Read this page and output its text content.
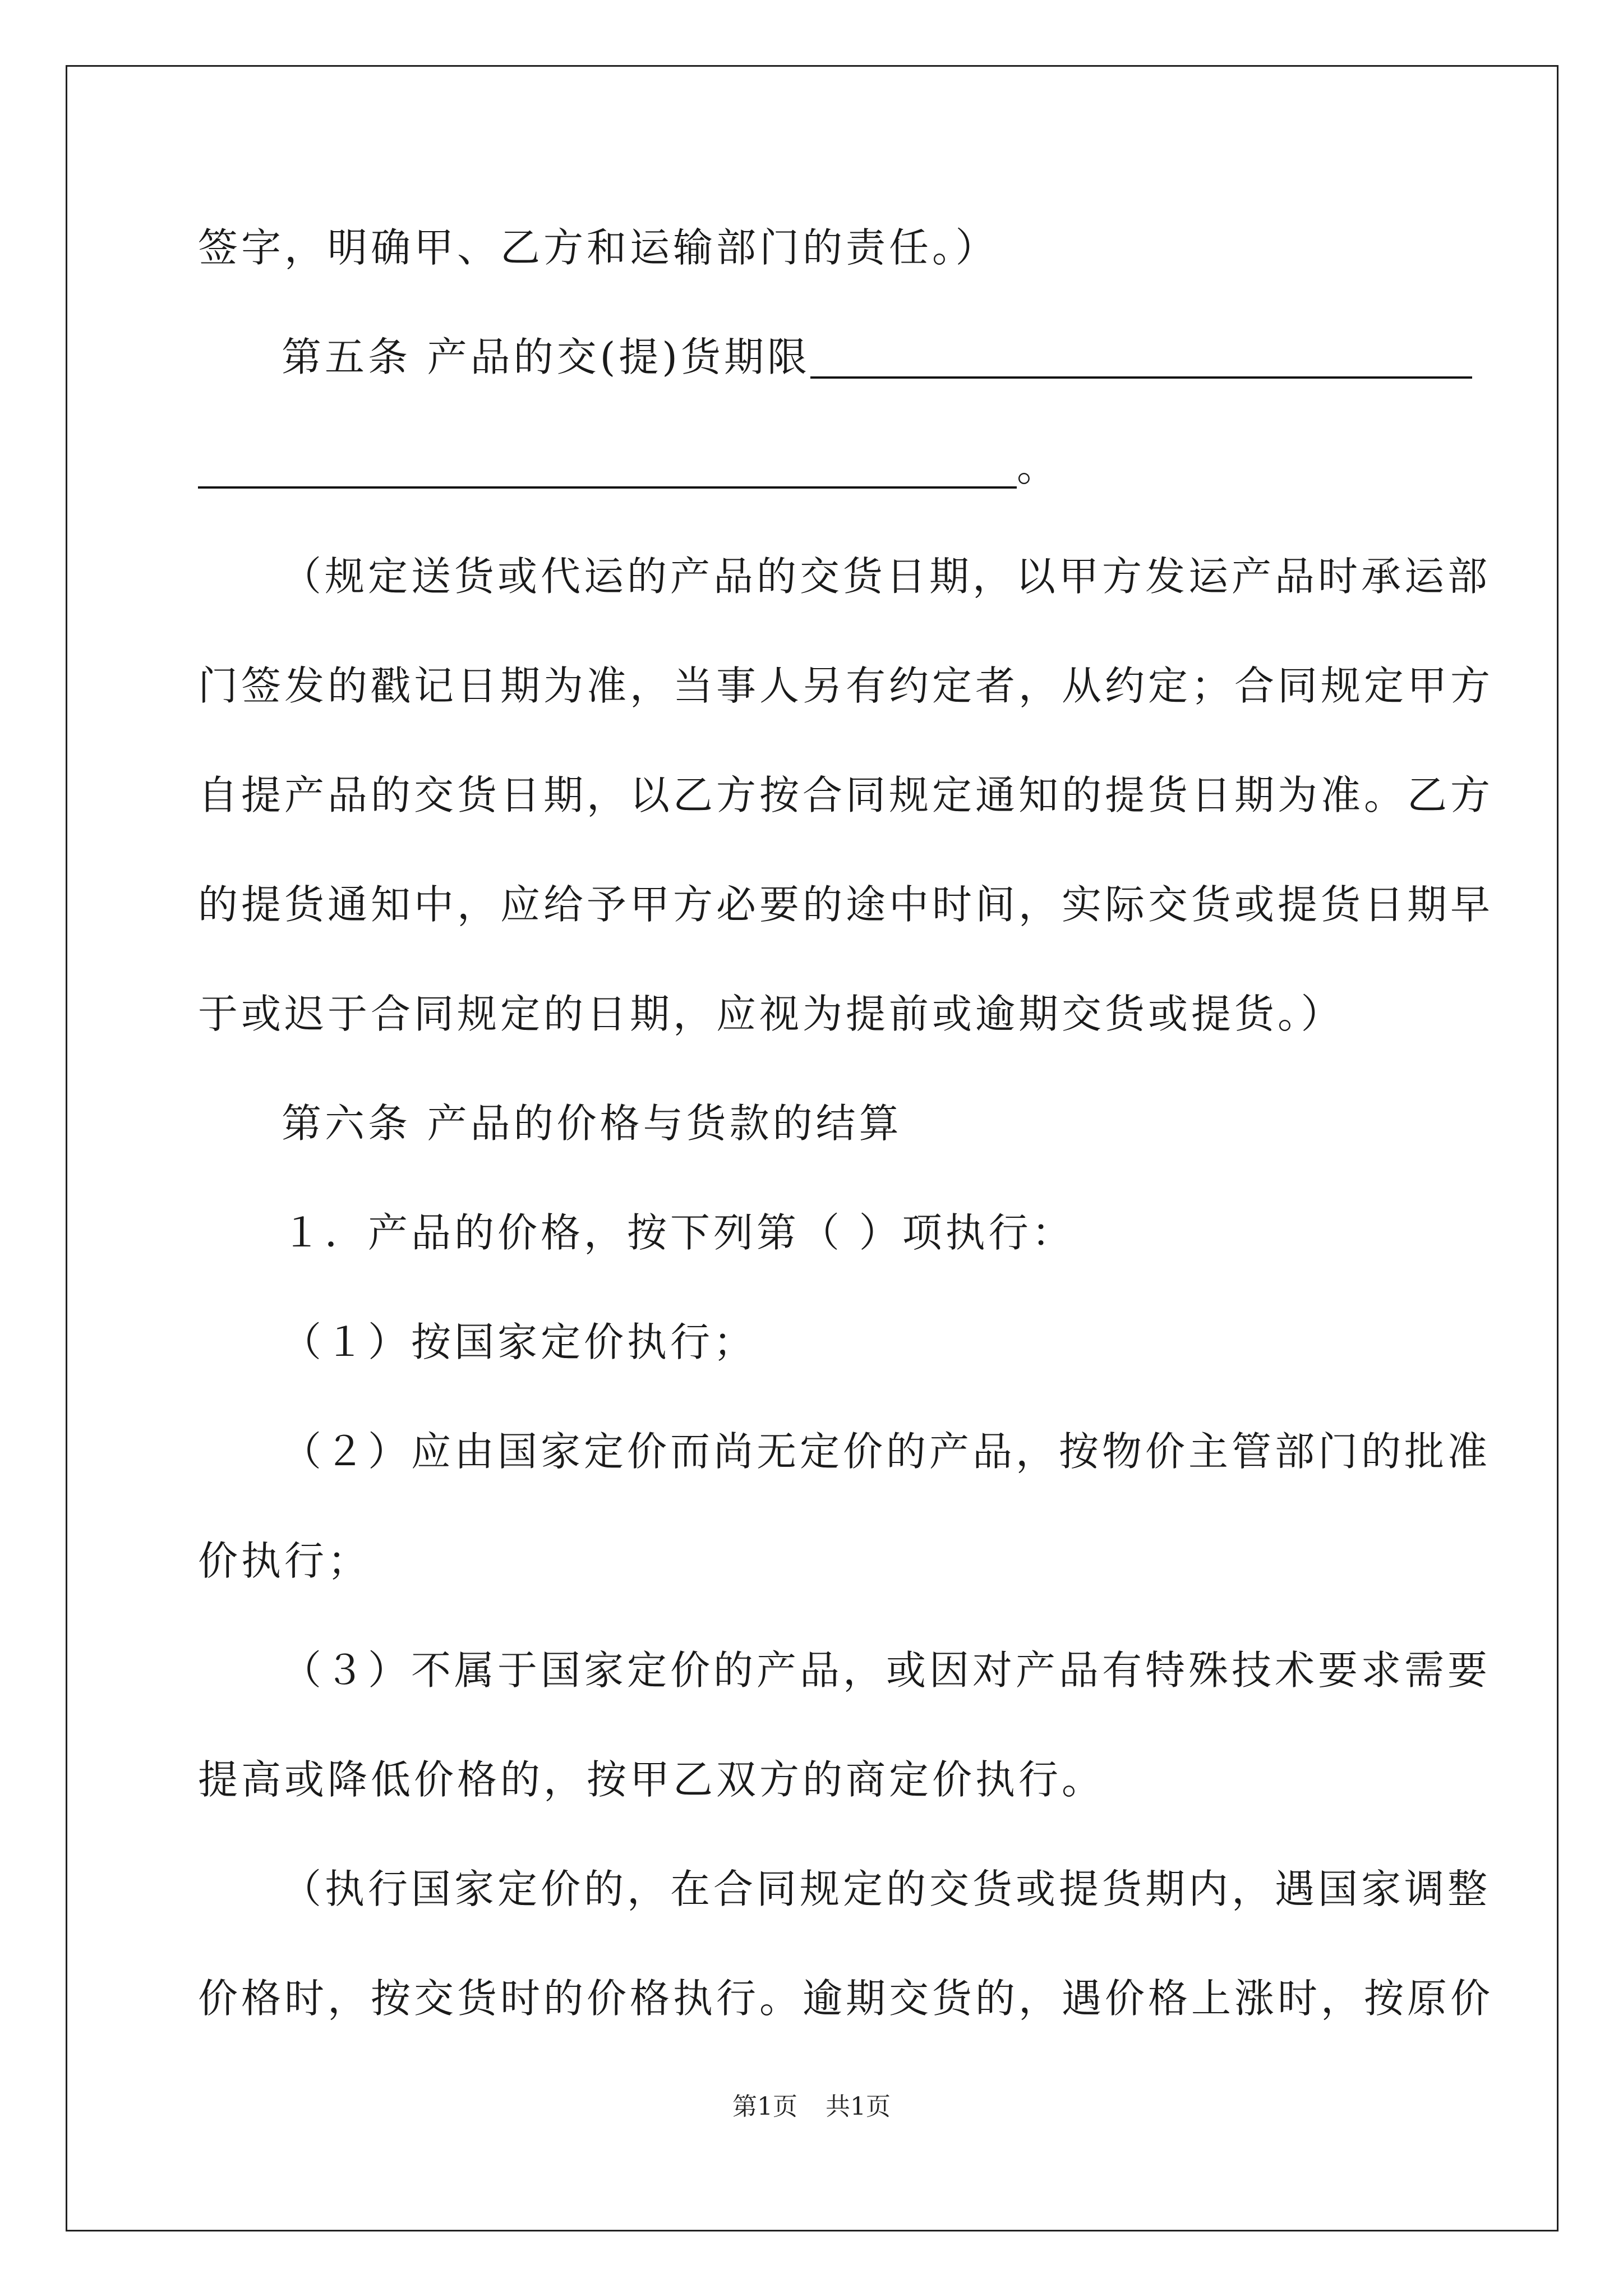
签字，明确甲、乙方和运输部门的责任。）
第五条 产品的交(提)货期限
。
（规定送货或代运的产品的交货日期，以甲方发运产品时承运部
门签发的戳记日期为准，当事人另有约定者，从约定；合同规定甲方
自提产品的交货日期，以乙方按合同规定通知的提货日期为准。乙方
的提货通知中，应给予甲方必要的途中时间，实际交货或提货日期早
于或迟于合同规定的日期，应视为提前或逾期交货或提货。）
第六条 产品的价格与货款的结算
１．产品的价格，按下列第（ ）项执行：
（１）按国家定价执行；
（２）应由国家定价而尚无定价的产品，按物价主管部门的批准
价执行；
（３）不属于国家定价的产品，或因对产品有特殊技术要求需要
提高或降低价格的，按甲乙双方的商定价执行。
（执行国家定价的，在合同规定的交货或提货期内，遇国家调整
价格时，按交货时的价格执行。逾期交货的，遇价格上涨时，按原价
第1页 共1页
